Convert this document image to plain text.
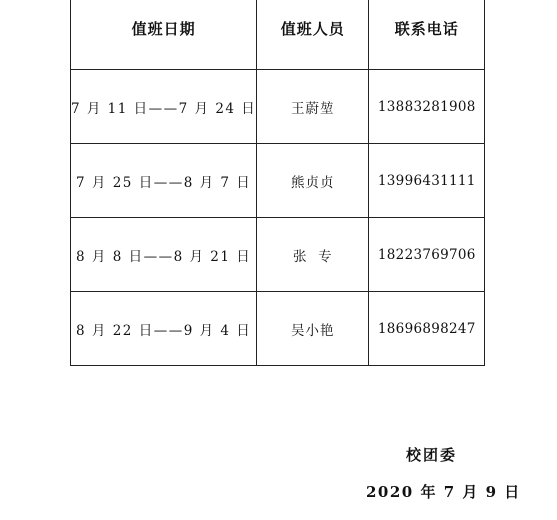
值班日期	值班人员	联系电话
7 月 11 日——7 月 24 日	王蔚堃	13883281908
7 月 25 日——8 月 7 日	熊贞贞	13996431111
8 月 8 日——8 月 21 日	张  专	18223769706
8 月 22 日——9 月 4 日	吴小艳	18696898247
校团委
2020 年 7 月 9 日
